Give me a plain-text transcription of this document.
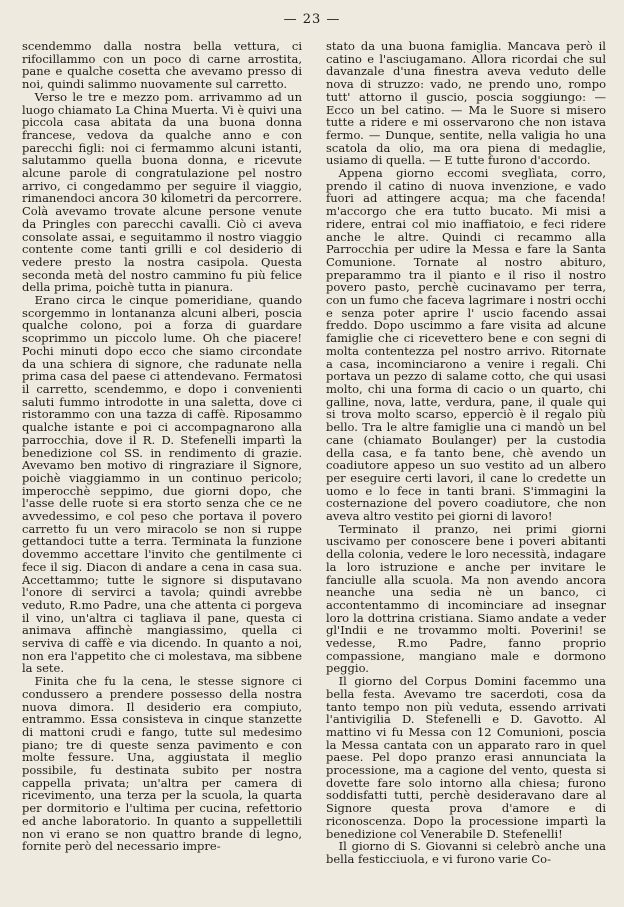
— 23 —

scendemmo dalla nostra bella vettura, ci rifocillammo con un poco di carne arrostita, pane e qualche cosetta che avevamo presso di noi, quindi salimmo nuovamente sul carretto.

Verso le tre e mezzo pom. arrivammo ad un luogo chiamato La China Muerta. Vi è quivi una piccola casa abitata da una buona donna francese, vedova da qualche anno e con parecchi figli: noi ci fermammo alcuni istanti, salutammo quella buona donna, e ricevute alcune parole di congratulazione pel nostro arrivo, ci congedammo per seguire il viaggio, rimanendoci ancora 30 kilometri da percorrere. Colà avevamo trovate alcune persone venute da Pringles con parecchi cavalli. Ciò ci aveva consolate assai, e seguitammo il nostro viaggio contente come tanti grilli e col desiderio di vedere presto la nostra casipola. Questa seconda metà del nostro cammino fu più felice della prima, poichè tutta in pianura.

Erano circa le cinque pomeridiane, quando scorgemmo in lontananza alcuni alberi, poscia qualche colono, poi a forza di guardare scoprimmo un piccolo lume. Oh che piacere! Pochi minuti dopo ecco che siamo circondate da una schiera di signore, che radunate nella prima casa del paese ci attendevano. Fermatosi il carretto, scendemmo, e dopo i convenienti saluti fummo introdotte in una saletta, dove ci ristorammo con una tazza di caffè. Riposammo qualche istante e poi ci accompagnarono alla parrocchia, dove il R. D. Stefenelli impartì la benedizione col SS. in rendimento di grazie. Avevamo ben motivo di ringraziare il Signore, poichè viaggiammo in un continuo pericolo; imperocchè seppimo, due giorni dopo, che l'asse delle ruote si era storto senza che ce ne avvedessimo, e col peso che portava il povero carretto fu un vero miracolo se non si ruppe gettandoci tutte a terra. Terminata la funzione dovemmo accettare l'invito che gentilmente ci fece il sig. Diacon di andare a cena in casa sua. Accettammo; tutte le signore si disputavano l'onore di servirci a tavola; quindi avrebbe veduto, R.mo Padre, una che attenta ci porgeva il vino, un'altra ci tagliava il pane, questa ci animava affinchè mangiassimo, quella ci serviva di caffè e via dicendo. In quanto a noi, non era l'appetito che ci molestava, ma sibbene la sete.

Finita che fu la cena, le stesse signore ci condussero a prendere possesso della nostra nuova dimora. Il desiderio era compiuto, entrammo. Essa consisteva in cinque stanzette di mattoni crudi e fango, tutte sul medesimo piano; tre di queste senza pavimento e con molte fessure. Una, aggiustata il meglio possibile, fu destinata subito per nostra cappella privata; un'altra per camera di ricevimento, una terza per la scuola, la quarta per dormitorio e l'ultima per cucina, refettorio ed anche laboratorio. In quanto a suppellettili non vi erano se non quattro brande di legno, fornite però del necessario impre-

stato da una buona famiglia. Mancava però il catino e l'asciugamano. Allora ricordai che sul davanzale d'una finestra aveva veduto delle nova di struzzo: vado, ne prendo uno, rompo tutt' attorno il guscio, poscia soggiungo: — Ecco un bel catino. — Ma le Suore si misero tutte a ridere e mi osservarono che non istava fermo. — Dunque, sentite, nella valigia ho una scatola da olio, ma ora piena di medaglie, usiamo di quella. — E tutte furono d'accordo.

Appena giorno eccomi sveglìata, corro, prendo il catino di nuova invenzione, e vado fuori ad attingere acqua; ma che facenda! m'accorgo che era tutto bucato. Mi misi a ridere, entrai col mio inaffiatoio, e feci ridere anche le altre. Quindi ci recammo alla Parrocchia per udire la Messa e fare la Santa Comunione. Tornate al nostro abituro, preparammo tra il pianto e il riso il nostro povero pasto, perchè cucinavamo per terra, con un fumo che faceva lagrimare i nostri occhi e senza poter aprire l' uscio facendo assai freddo. Dopo uscimmo a fare visita ad alcune famiglie che ci ricevettero bene e con segni di molta contentezza pel nostro arrivo. Ritornate a casa, incominciarono a venire i regali. Chi portava un pezzo di salame cotto, che qui usasi molto, chi una forma di cacio o un quarto, chi galline, nova, latte, verdura, pane, il quale qui si trova molto scarso, epperciò è il regalo più bello. Tra le altre famiglie una ci mandò un bel cane (chiamato Boulanger) per la custodia della casa, e fa tanto bene, chè avendo un coadiutore appeso un suo vestito ad un albero per eseguire certi lavori, il cane lo credette un uomo e lo fece in tanti brani. S'immagini la costernazione del povero coadiutore, che non aveva altro vestito pei giorni di lavoro!

Terminato il pranzo, nei primi giorni uscivamo per conoscere bene i poveri abitanti della colonia, vedere le loro necessità, indagare la loro istruzione e anche per invitare le fanciulle alla scuola. Ma non avendo ancora neanche una sedia nè un banco, ci accontentammo di incominciare ad insegnar loro la dottrina cristiana. Siamo andate a veder gl'Indii e ne trovammo molti. Poverini! se vedesse, R.mo Padre, fanno proprio compassione, mangiano male e dormono peggio.

Il giorno del Corpus Domini facemmo una bella festa. Avevamo tre sacerdoti, cosa da tanto tempo non più veduta, essendo arrivati l'antivigilia D. Stefenelli e D. Gavotto. Al mattino vi fu Messa con 12 Comunioni, poscia la Messa cantata con un apparato raro in quel paese. Pel dopo pranzo erasi annunciata la processione, ma a cagione del vento, questa si dovette fare solo intorno alla chiesa; furono soddisfatti tutti, perchè desideravano dare al Signore questa prova d'amore e di riconoscenza. Dopo la processione impartì la benedizione col Venerabile D. Stefenelli!

Il giorno di S. Giovanni si celebrò anche una bella festicciuola, e vi furono varie Co-
